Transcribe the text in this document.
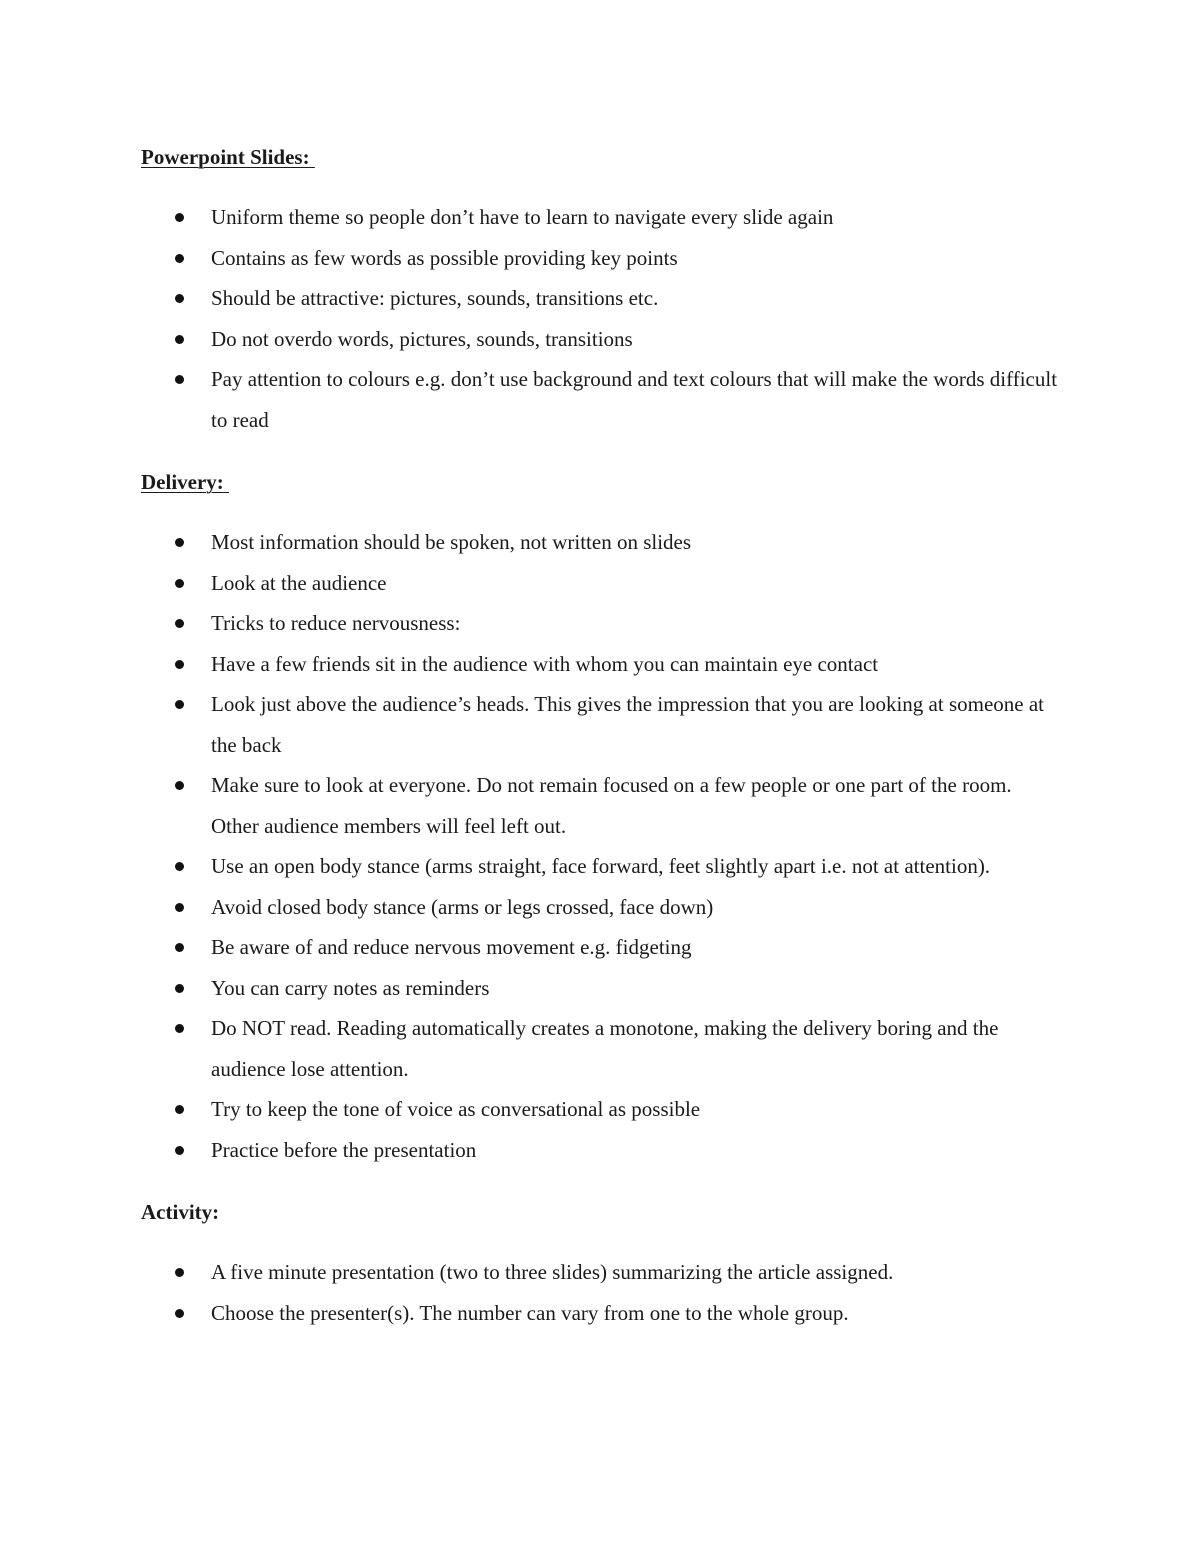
Powerpoint Slides:
Uniform theme so people don’t have to learn to navigate every slide again
Contains as few words as possible providing key points
Should be attractive: pictures, sounds, transitions etc.
Do not overdo words, pictures, sounds, transitions
Pay attention to colours e.g. don’t use background and text colours that will make the words difficult to read
Delivery:
Most information should be spoken, not written on slides
Look at the audience
Tricks to reduce nervousness:
Have a few friends sit in the audience with whom you can maintain eye contact
Look just above the audience’s heads. This gives the impression that you are looking at someone at the back
Make sure to look at everyone. Do not remain focused on a few people or one part of the room. Other audience members will feel left out.
Use an open body stance (arms straight, face forward, feet slightly apart i.e. not at attention).
Avoid closed body stance (arms or legs crossed, face down)
Be aware of and reduce nervous movement e.g. fidgeting
You can carry notes as reminders
Do NOT read. Reading automatically creates a monotone, making the delivery boring and the audience lose attention.
Try to keep the tone of voice as conversational as possible
Practice before the presentation
Activity:
A five minute presentation (two to three slides) summarizing the article assigned.
Choose the presenter(s). The number can vary from one to the whole group.
